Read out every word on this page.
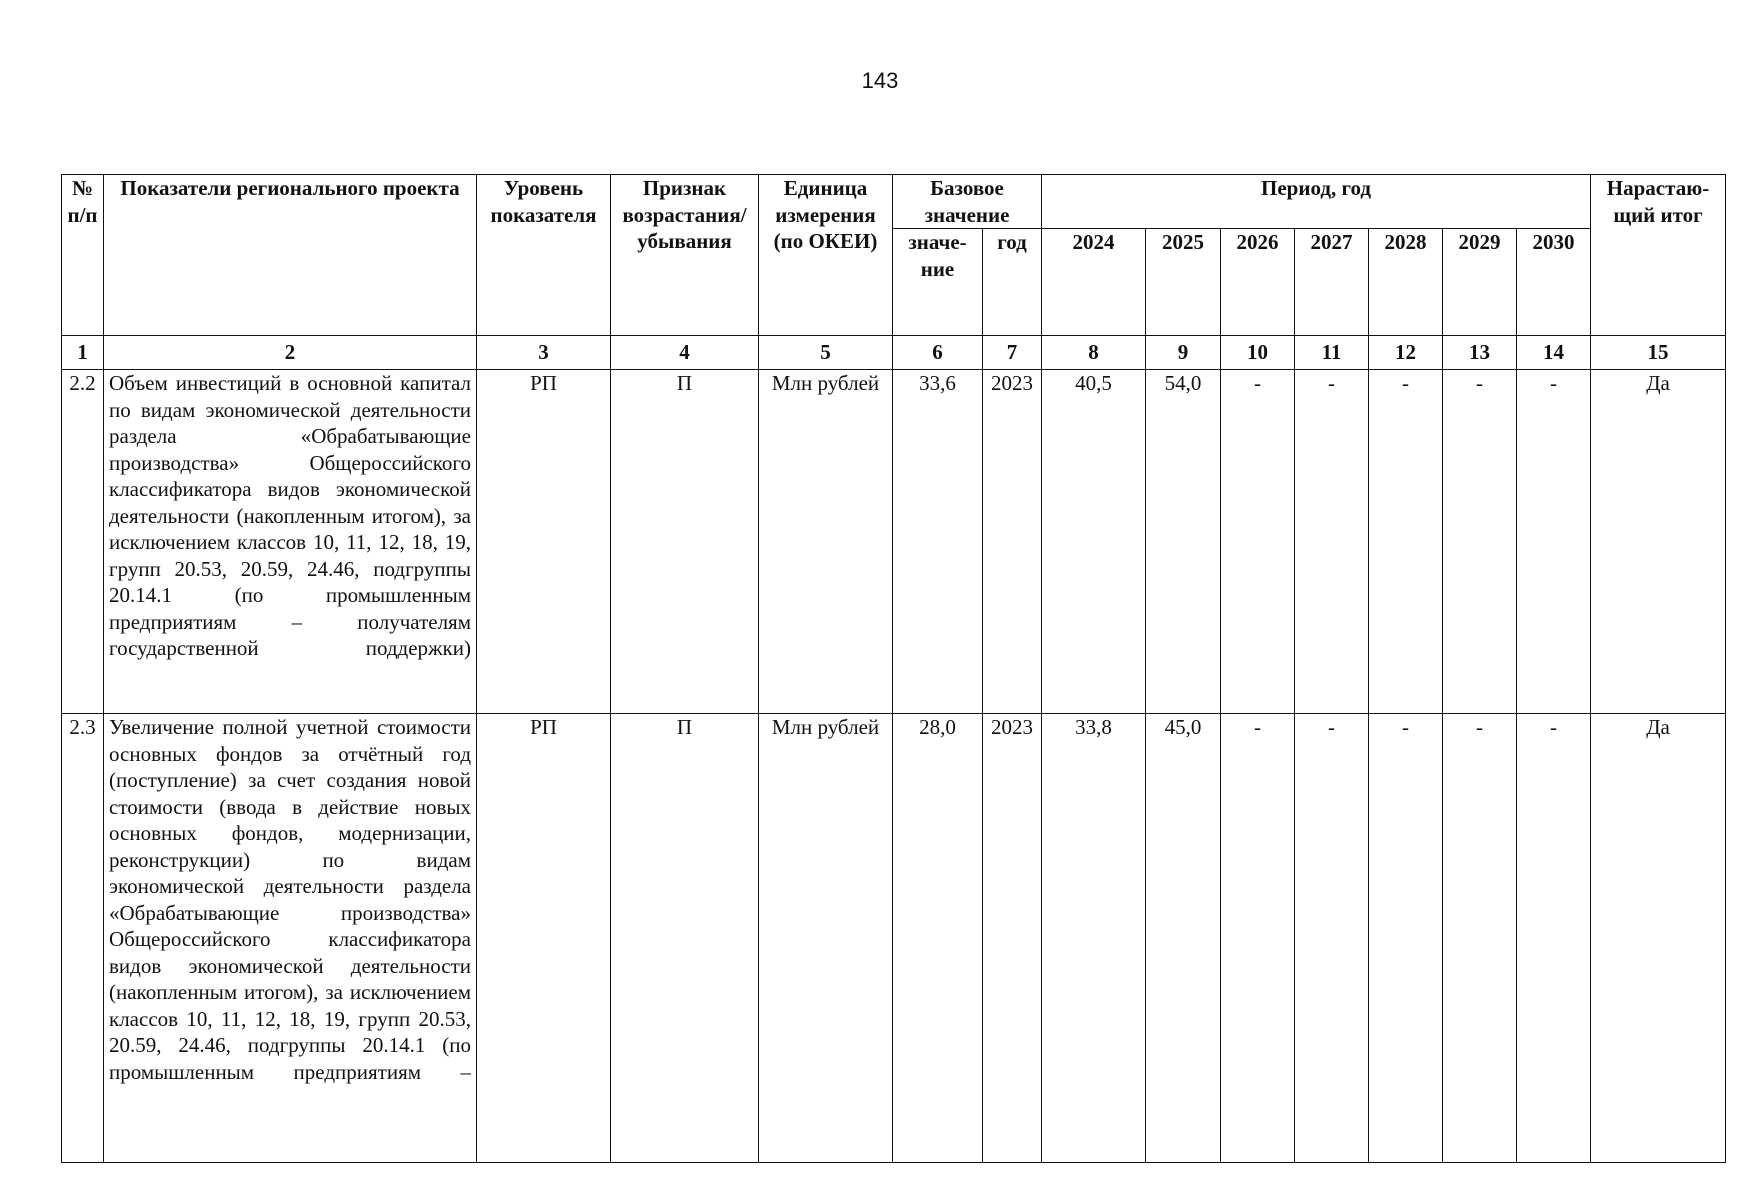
143
№ п/п	Показатели регионального проекта	Уровень показателя	Признак возрастания/ убывания	Единица измерения (по ОКЕИ)	Базовое значение		Период, год							Нарастаю- щий итог
					значе- ние	год	2024	2025	2026	2027	2028	2029	2030	
1	2	3	4	5	6	7	8	9	10	11	12	13	14	15
2.2	Объем инвестиций в основной капитал по видам экономической деятельности раздела «Обрабатывающие производства» Общероссийского классификатора видов экономической деятельности (накопленным итогом), за исключением классов 10, 11, 12, 18, 19, групп 20.53, 20.59, 24.46, подгруппы 20.14.1 (по промышленным предприятиям – получателям государственной поддержки)	РП	П	Млн рублей	33,6	2023	40,5	54,0	-	-	-	-	-	Да
2.3	Увеличение полной учетной стоимости основных фондов за отчётный год (поступление) за счет создания новой стоимости (ввода в действие новых основных фондов, модернизации, реконструкции) по видам экономической деятельности раздела «Обрабатывающие производства» Общероссийского классификатора видов экономической деятельности (накопленным итогом), за исключением классов 10, 11, 12, 18, 19, групп 20.53, 20.59, 24.46, подгруппы 20.14.1 (по промышленным предприятиям –	РП	П	Млн рублей	28,0	2023	33,8	45,0	-	-	-	-	-	Да
